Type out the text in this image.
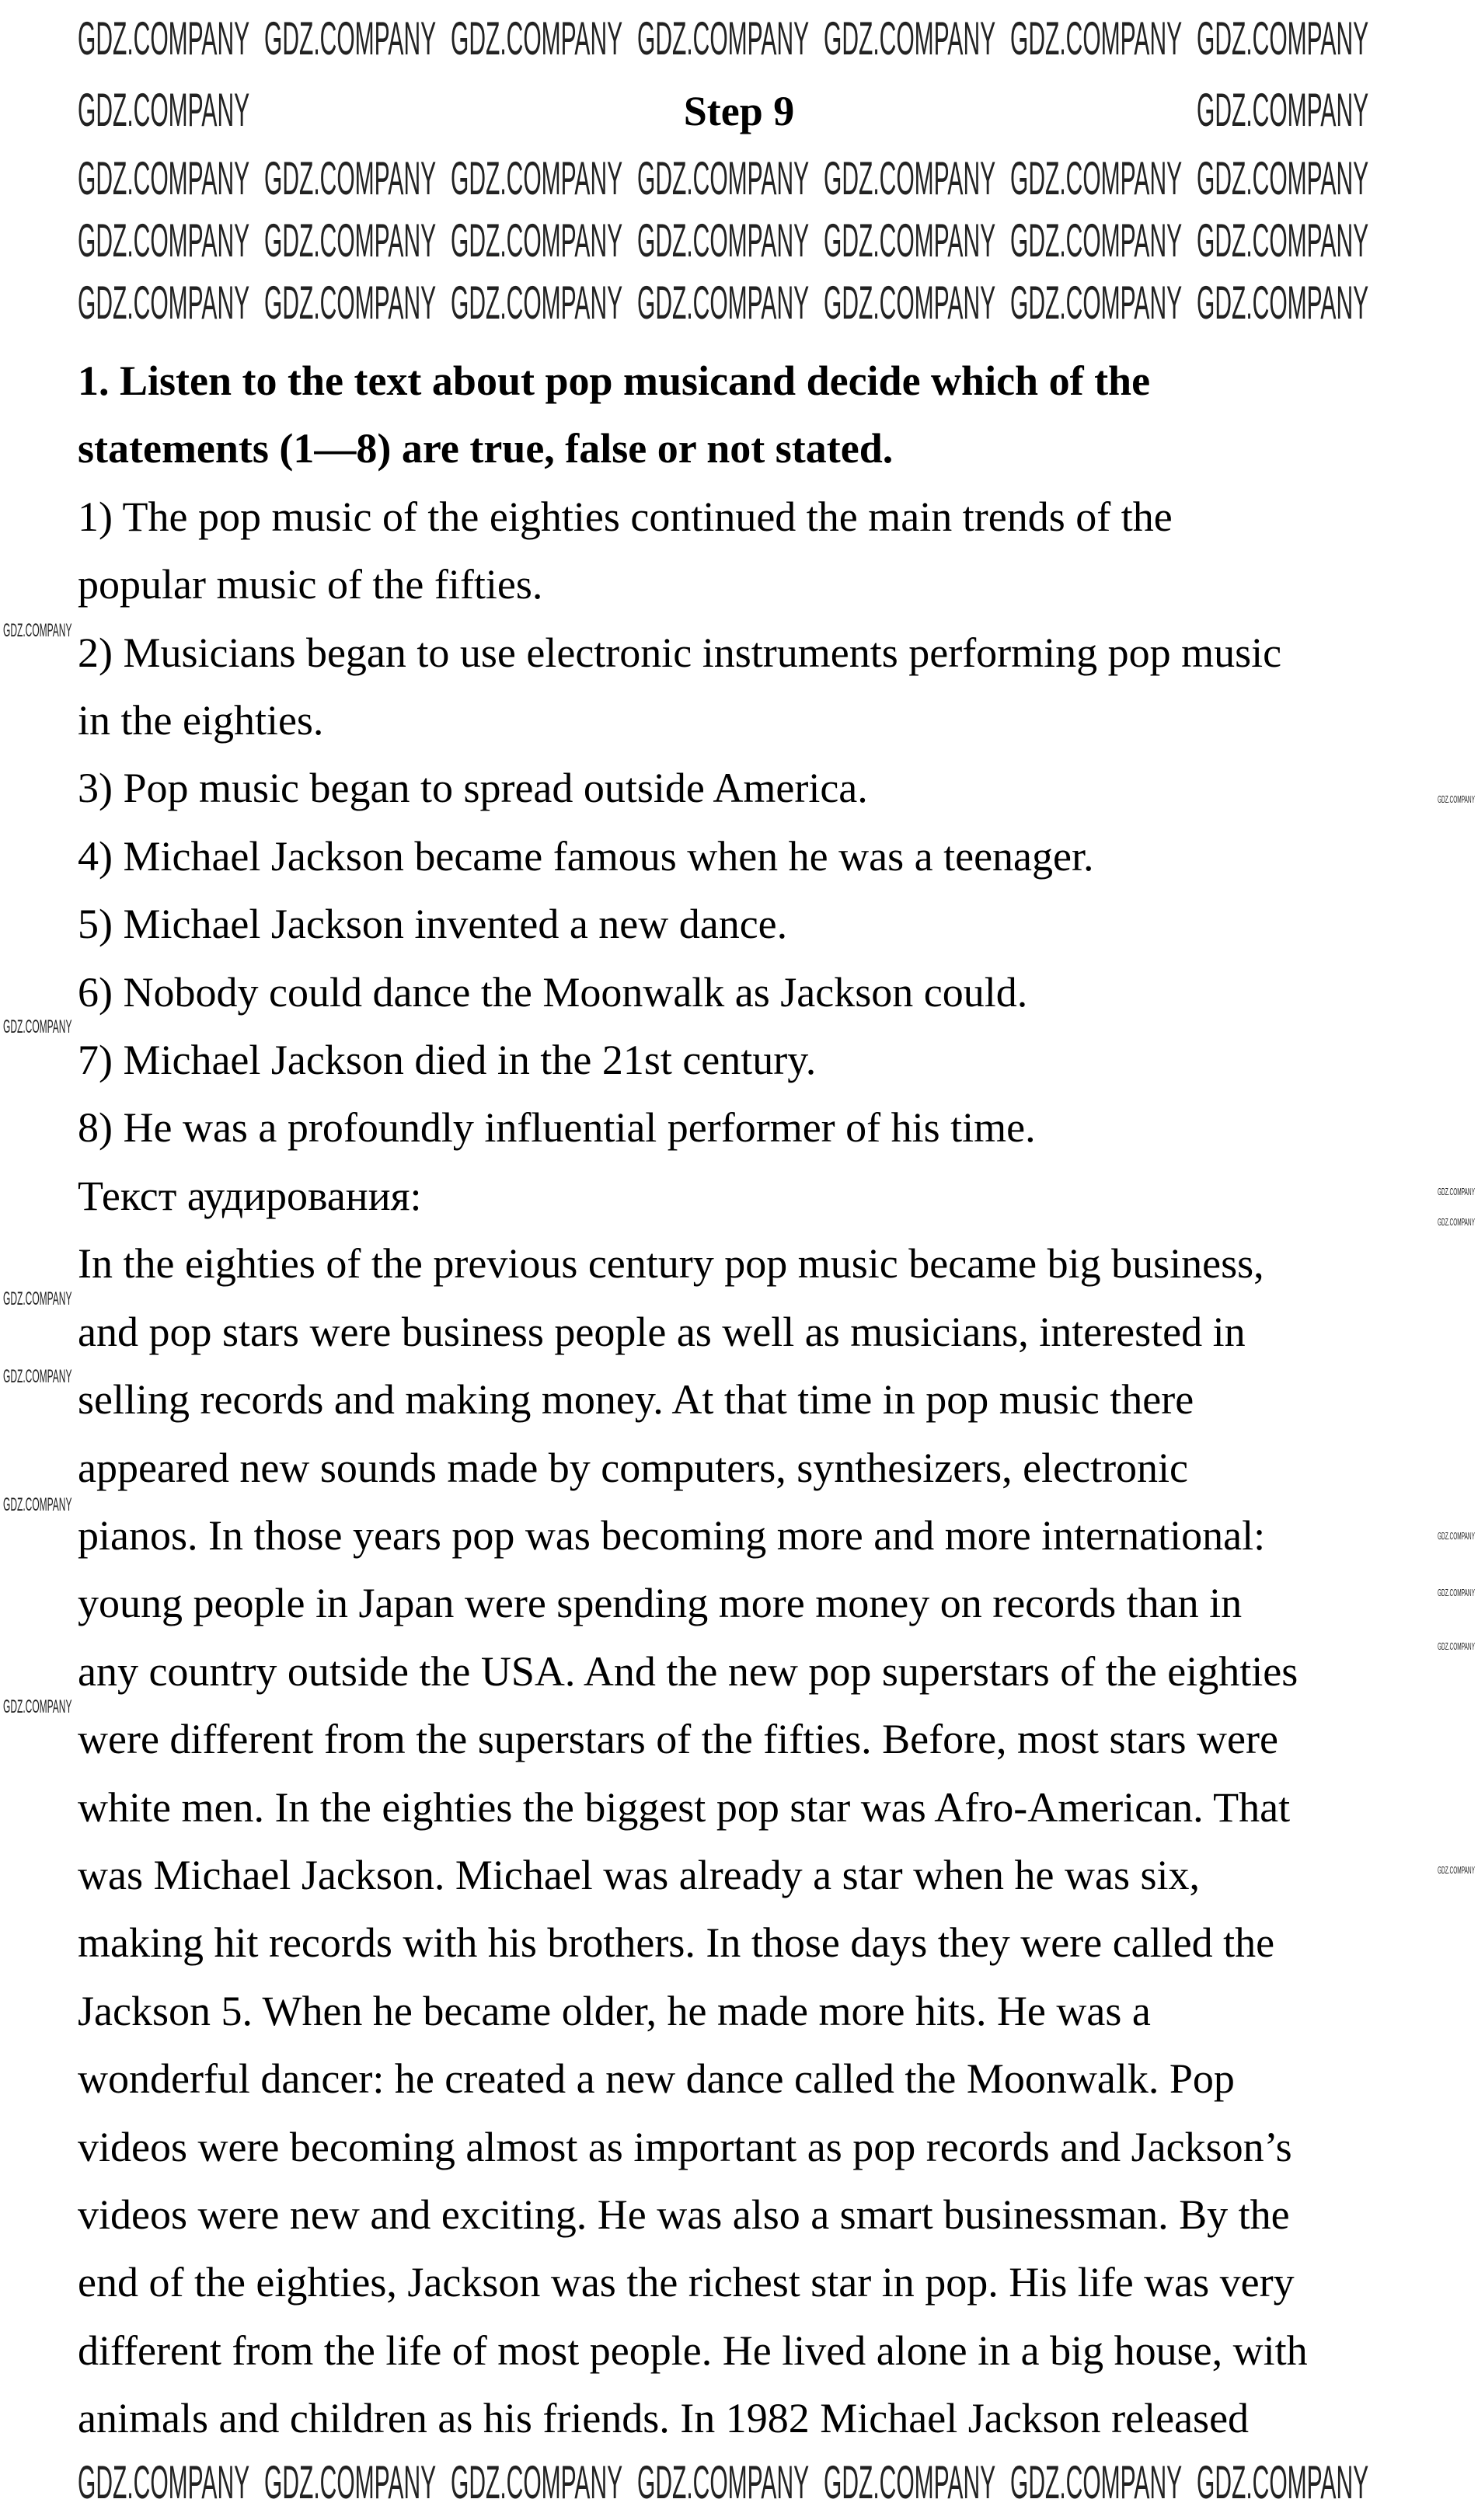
Step 9
1. Listen to the text about pop musicand decide which of the
statements (1—8) are true, false or not stated.
1) The pop music of the eighties continued the main trends of the
popular music of the fifties.
2) Musicians began to use electronic instruments performing pop music
in the eighties.
3) Pop music began to spread outside America.
4) Michael Jackson became famous when he was a teenager.
5) Michael Jackson invented a new dance.
6) Nobody could dance the Moonwalk as Jackson could.
7) Michael Jackson died in the 21st century.
8) He was a profoundly influential performer of his time.
Текст аудирования:
In the eighties of the previous century pop music became big business,
and pop stars were business people as well as musicians, interested in
selling records and making money. At that time in pop music there
appeared new sounds made by computers, synthesizers, electronic
pianos. In those years pop was becoming more and more international:
young people in Japan were spending more money on records than in
any country outside the USA. And the new pop superstars of the eighties
were different from the superstars of the fifties. Before, most stars were
white men. In the eighties the biggest pop star was Afro-American. That
was Michael Jackson. Michael was already a star when he was six,
making hit records with his brothers. In those days they were called the
Jackson 5. When he became older, he made more hits. He was a
wonderful dancer: he created a new dance called the Moonwalk. Pop
videos were becoming almost as important as pop records and Jackson’s
videos were new and exciting. He was also a smart businessman. By the
end of the eighties, Jackson was the richest star in pop. His life was very
different from the life of most people. He lived alone in a big house, with
animals and children as his friends. In 1982 Michael Jackson released
GDZ.COMPANY GDZ.COMPANY GDZ.COMPANY GDZ.COMPANY GDZ.COMPANY GDZ.COMPANY GDZ.COMPANY
GDZ.COMPANY GDZ.COMPANY GDZ.COMPANY GDZ.COMPANY GDZ.COMPANY GDZ.COMPANY GDZ.COMPANY
GDZ.COMPANY GDZ.COMPANY GDZ.COMPANY GDZ.COMPANY GDZ.COMPANY GDZ.COMPANY GDZ.COMPANY
GDZ.COMPANY GDZ.COMPANY GDZ.COMPANY GDZ.COMPANY GDZ.COMPANY GDZ.COMPANY GDZ.COMPANY
GDZ.COMPANY GDZ.COMPANY GDZ.COMPANY GDZ.COMPANY GDZ.COMPANY GDZ.COMPANY GDZ.COMPANY
GDZ.COMPANY	GDZ.COMPANY
GDZ.COMPANY
GDZ.COMPANY
GDZ.COMPANY
GDZ.COMPANY
GDZ.COMPANY
GDZ.COMPANY
GDZ.COMPANY
GDZ.COMPANY
GDZ.COMPANY
GDZ.COMPANY
GDZ.COMPANY
GDZ.COMPANY
GDZ.COMPANY
